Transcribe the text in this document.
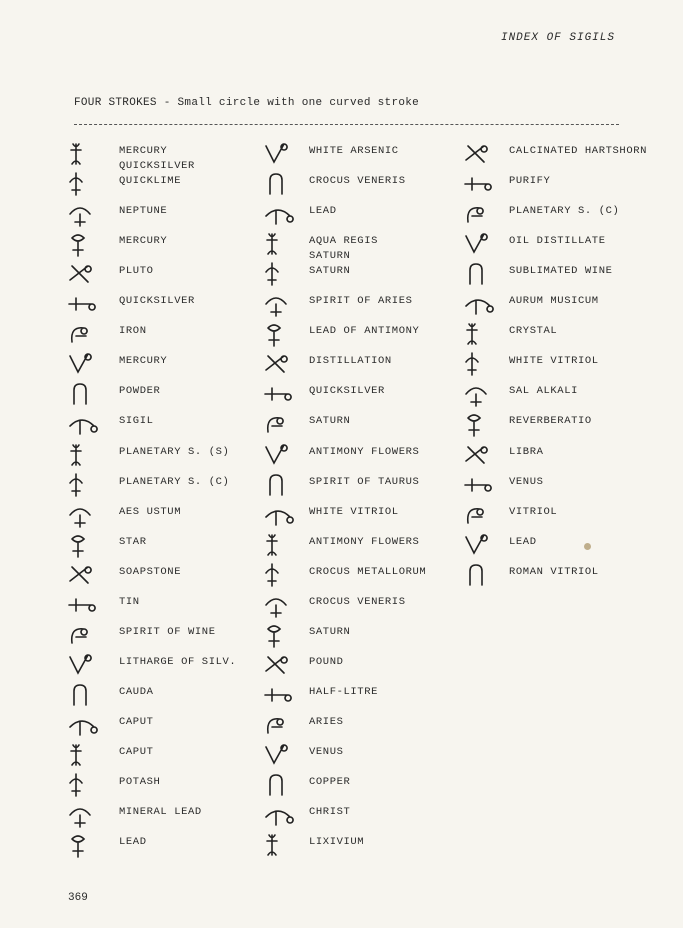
INDEX OF SIGILS
FOUR STROKES - Small circle with one curved stroke
MERCURY
QUICKSILVER
QUICKLIME
NEPTUNE
MERCURY
PLUTO
QUICKSILVER
IRON
MERCURY
POWDER
SIGIL
PLANETARY S. (S)
PLANETARY S. (C)
AES USTUM
STAR
SOAPSTONE
TIN
SPIRIT OF WINE
LITHARGE OF SILV.
CAUDA
CAPUT
CAPUT
POTASH
MINERAL LEAD
LEAD
WHITE ARSENIC
CROCUS VENERIS
LEAD
AQUA REGIS
SATURN
SATURN
SPIRIT OF ARIES
LEAD OF ANTIMONY
DISTILLATION
QUICKSILVER
SATURN
ANTIMONY FLOWERS
SPIRIT OF TAURUS
WHITE VITRIOL
ANTIMONY FLOWERS
CROCUS METALLORUM
CROCUS VENERIS
SATURN
POUND
HALF-LITRE
ARIES
VENUS
COPPER
CHRIST
LIXIVIUM
CALCINATED HARTSHORN
PURIFY
PLANETARY S. (C)
OIL DISTILLATE
SUBLIMATED WINE
AURUM MUSICUM
CRYSTAL
WHITE VITRIOL
SAL ALKALI
REVERBERATIO
LIBRA
VENUS
VITRIOL
LEAD
ROMAN VITRIOL
369
